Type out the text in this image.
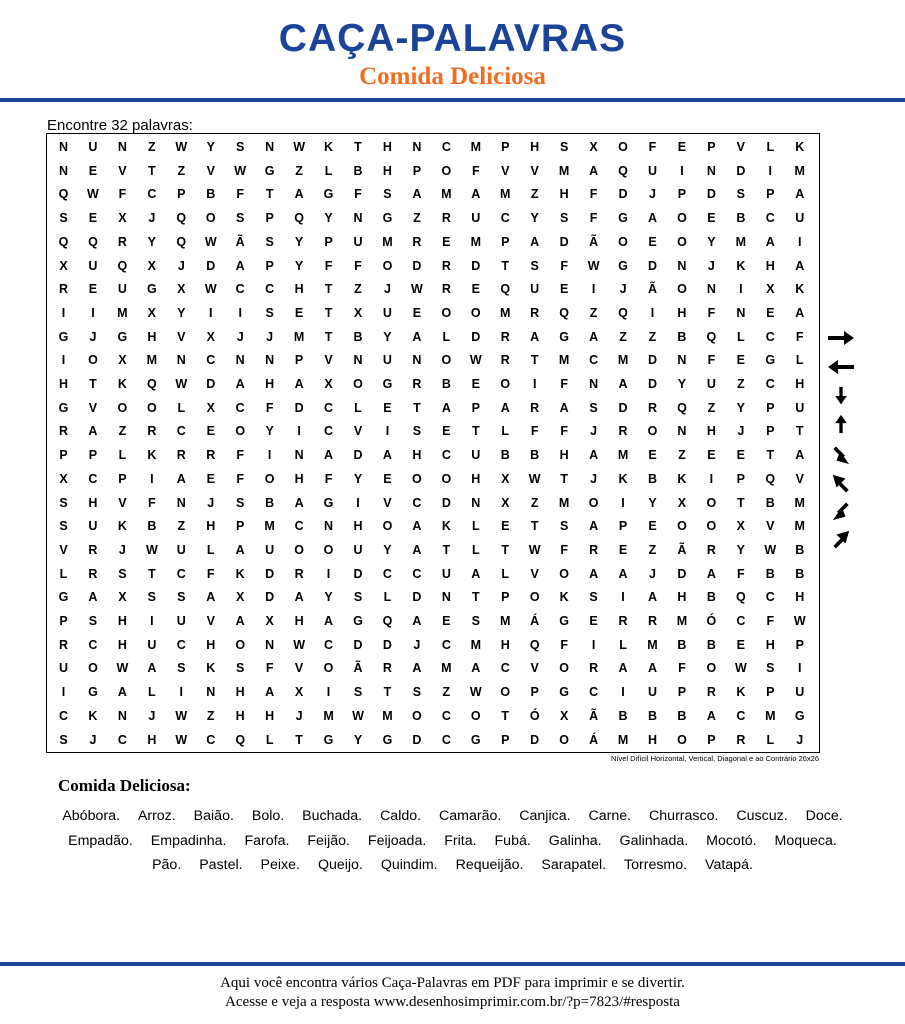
CAÇA-PALAVRAS
Comida Deliciosa
Encontre 32 palavras:
N	U	N	Z	W	Y	S	N	W	K	T	H	N	C	M	P	H	S	X	O	F	E	P	V	L	K
N	E	V	T	Z	V	W	G	Z	L	B	H	P	O	F	V	V	M	A	Q	U	I	N	D	I	M
Q	W	F	C	P	B	F	T	A	G	F	S	A	M	A	M	Z	H	F	D	J	P	D	S	P	A
S	E	X	J	Q	O	S	P	Q	Y	N	G	Z	R	U	C	Y	S	F	G	A	O	E	B	C	U
Q	Q	R	Y	Q	W	Ã	S	Y	P	U	M	R	E	M	P	A	D	Ã	O	E	O	Y	M	A	I
X	U	Q	X	J	D	A	P	Y	F	F	O	D	R	D	T	S	F	W	G	D	N	J	K	H	A
R	E	U	G	X	W	C	C	H	T	Z	J	W	R	E	Q	U	E	I	J	Ã	O	N	I	X	K
I	I	M	X	Y	I	I	S	E	T	X	U	E	O	O	M	R	Q	Z	Q	I	H	F	N	E	A
G	J	G	H	V	X	J	J	M	T	B	Y	A	L	D	R	A	G	A	Z	Z	B	Q	L	C	F
I	O	X	M	N	C	N	N	P	V	N	U	N	O	W	R	T	M	C	M	D	N	F	E	G	L
H	T	K	Q	W	D	A	H	A	X	O	G	R	B	E	O	I	F	N	A	D	Y	U	Z	C	H
G	V	O	O	L	X	C	F	D	C	L	E	T	A	P	A	R	A	S	D	R	Q	Z	Y	P	U
R	A	Z	R	C	E	O	Y	I	C	V	I	S	E	T	L	F	F	J	R	O	N	H	J	P	T
P	P	L	K	R	R	F	I	N	A	D	A	H	C	U	B	B	H	A	M	E	Z	E	E	T	A
X	C	P	I	A	E	F	O	H	F	Y	E	O	O	H	X	W	T	J	K	B	K	I	P	Q	V
S	H	V	F	N	J	S	B	A	G	I	V	C	D	N	X	Z	M	O	I	Y	X	O	T	B	M
S	U	K	B	Z	H	P	M	C	N	H	O	A	K	L	E	T	S	A	P	E	O	O	X	V	M
V	R	J	W	U	L	A	U	O	O	U	Y	A	T	L	T	W	F	R	E	Z	Ã	R	Y	W	B
L	R	S	T	C	F	K	D	R	I	D	C	C	U	A	L	V	O	A	A	J	D	A	F	B	B
G	A	X	S	S	A	X	D	A	Y	S	L	D	N	T	P	O	K	S	I	A	H	B	Q	C	H
P	S	H	I	U	V	A	X	H	A	G	Q	A	E	S	M	Á	G	E	R	R	M	Ó	C	F	W
R	C	H	U	C	H	O	N	W	C	D	D	J	C	M	H	Q	F	I	L	M	B	B	E	H	P
U	O	W	A	S	K	S	F	V	O	Ã	R	A	M	A	C	V	O	R	A	A	F	O	W	S	I
I	G	A	L	I	N	H	A	X	I	S	T	S	Z	W	O	P	G	C	I	U	P	R	K	P	U
C	K	N	J	W	Z	H	H	J	M	W	M	O	C	O	T	Ó	X	Ã	B	B	B	A	C	M	G
S	J	C	H	W	C	Q	L	T	G	Y	G	D	C	G	P	D	O	Á	M	H	O	P	R	L	J
Nível Difícil Horizontal, Vertical, Diagonal e ao Contrário 26x26
Comida Deliciosa:
Abóbora. Arroz. Baião. Bolo. Buchada. Caldo. Camarão. Canjica. Carne. Churrasco. Cuscuz. Doce. Empadão. Empadinha. Farofa. Feijão. Feijoada. Frita. Fubá. Galinha. Galinhada. Mocotó. Moqueca. Pão. Pastel. Peixe. Queijo. Quindim. Requeijão. Sarapatel. Torresmo. Vatapá.
Aqui você encontra vários Caça-Palavras em PDF para imprimir e se divertir.
Acesse e veja a resposta www.desenhosimprimir.com.br/?p=7823/#resposta
